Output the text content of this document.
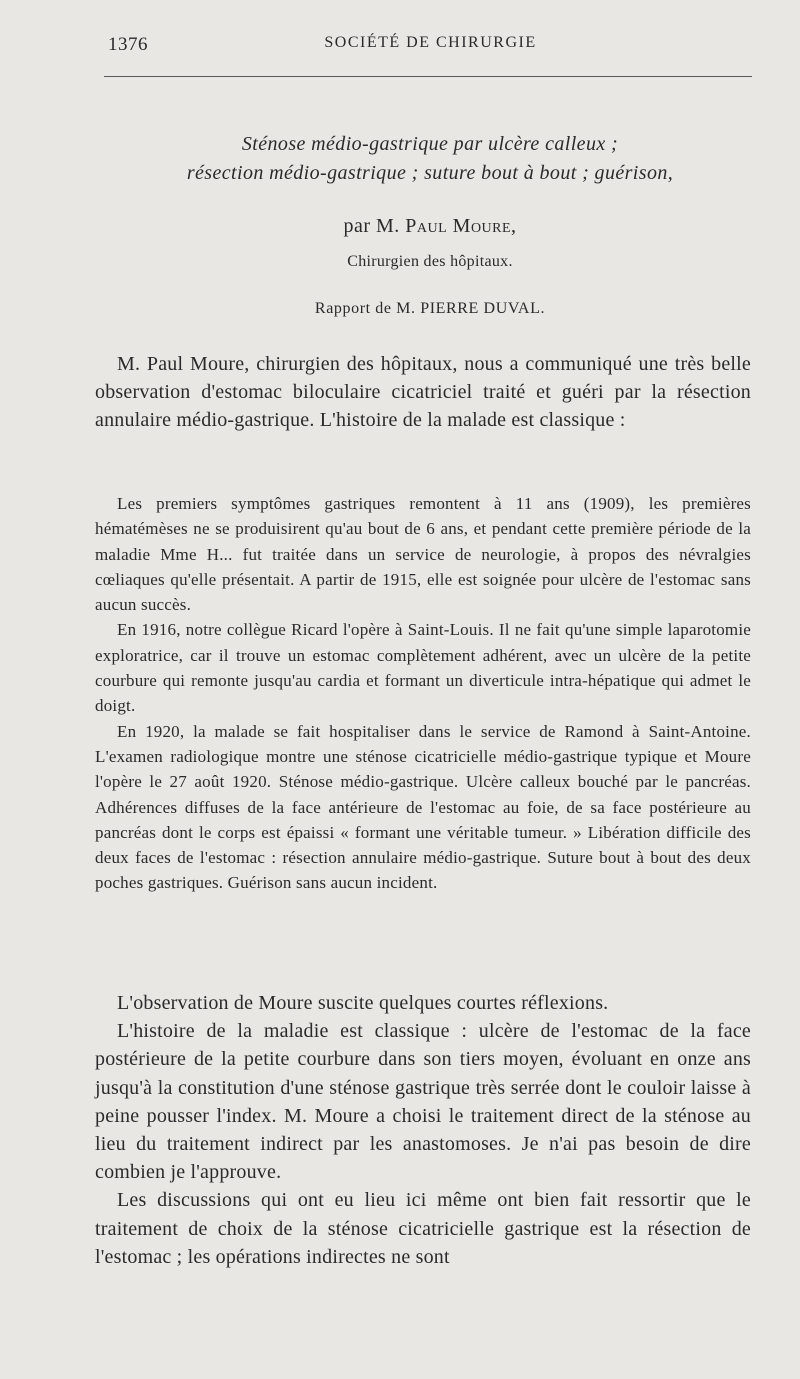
1376	SOCIÉTÉ DE CHIRURGIE
Sténose médio-gastrique par ulcère calleux ;
résection médio-gastrique ; suture bout à bout ; guérison,
par M. Paul Moure,
Chirurgien des hôpitaux.
Rapport de M. PIERRE DUVAL.

M. Paul Moure, chirurgien des hôpitaux, nous a communiqué une très belle observation d'estomac biloculaire cicatriciel traité et guéri par la résection annulaire médio-gastrique. L'histoire de la malade est classique :

Les premiers symptômes gastriques remontent à 11 ans (1909), les premières hématémèses ne se produisirent qu'au bout de 6 ans, et pendant cette première période de la maladie Mme H... fut traitée dans un service de neurologie, à propos des névralgies cœliaques qu'elle présentait. A partir de 1915, elle est soignée pour ulcère de l'estomac sans aucun succès.

En 1916, notre collègue Ricard l'opère à Saint-Louis. Il ne fait qu'une simple laparotomie exploratrice, car il trouve un estomac complètement adhérent, avec un ulcère de la petite courbure qui remonte jusqu'au cardia et formant un diverticule intra-hépatique qui admet le doigt.

En 1920, la malade se fait hospitaliser dans le service de Ramond à Saint-Antoine. L'examen radiologique montre une sténose cicatricielle médio-gastrique typique et Moure l'opère le 27 août 1920. Sténose médio-gastrique. Ulcère calleux bouché par le pancréas. Adhérences diffuses de la face antérieure de l'estomac au foie, de sa face postérieure au pancréas dont le corps est épaissi « formant une véritable tumeur. » Libération difficile des deux faces de l'estomac : résection annulaire médio-gastrique. Suture bout à bout des deux poches gastriques. Guérison sans aucun incident.

L'observation de Moure suscite quelques courtes réflexions.

L'histoire de la maladie est classique : ulcère de l'estomac de la face postérieure de la petite courbure dans son tiers moyen, évoluant en onze ans jusqu'à la constitution d'une sténose gastrique très serrée dont le couloir laisse à peine pousser l'index. M. Moure a choisi le traitement direct de la sténose au lieu du traitement indirect par les anastomoses. Je n'ai pas besoin de dire combien je l'approuve.

Les discussions qui ont eu lieu ici même ont bien fait ressortir que le traitement de choix de la sténose cicatricielle gastrique est la résection de l'estomac ; les opérations indirectes ne sont
